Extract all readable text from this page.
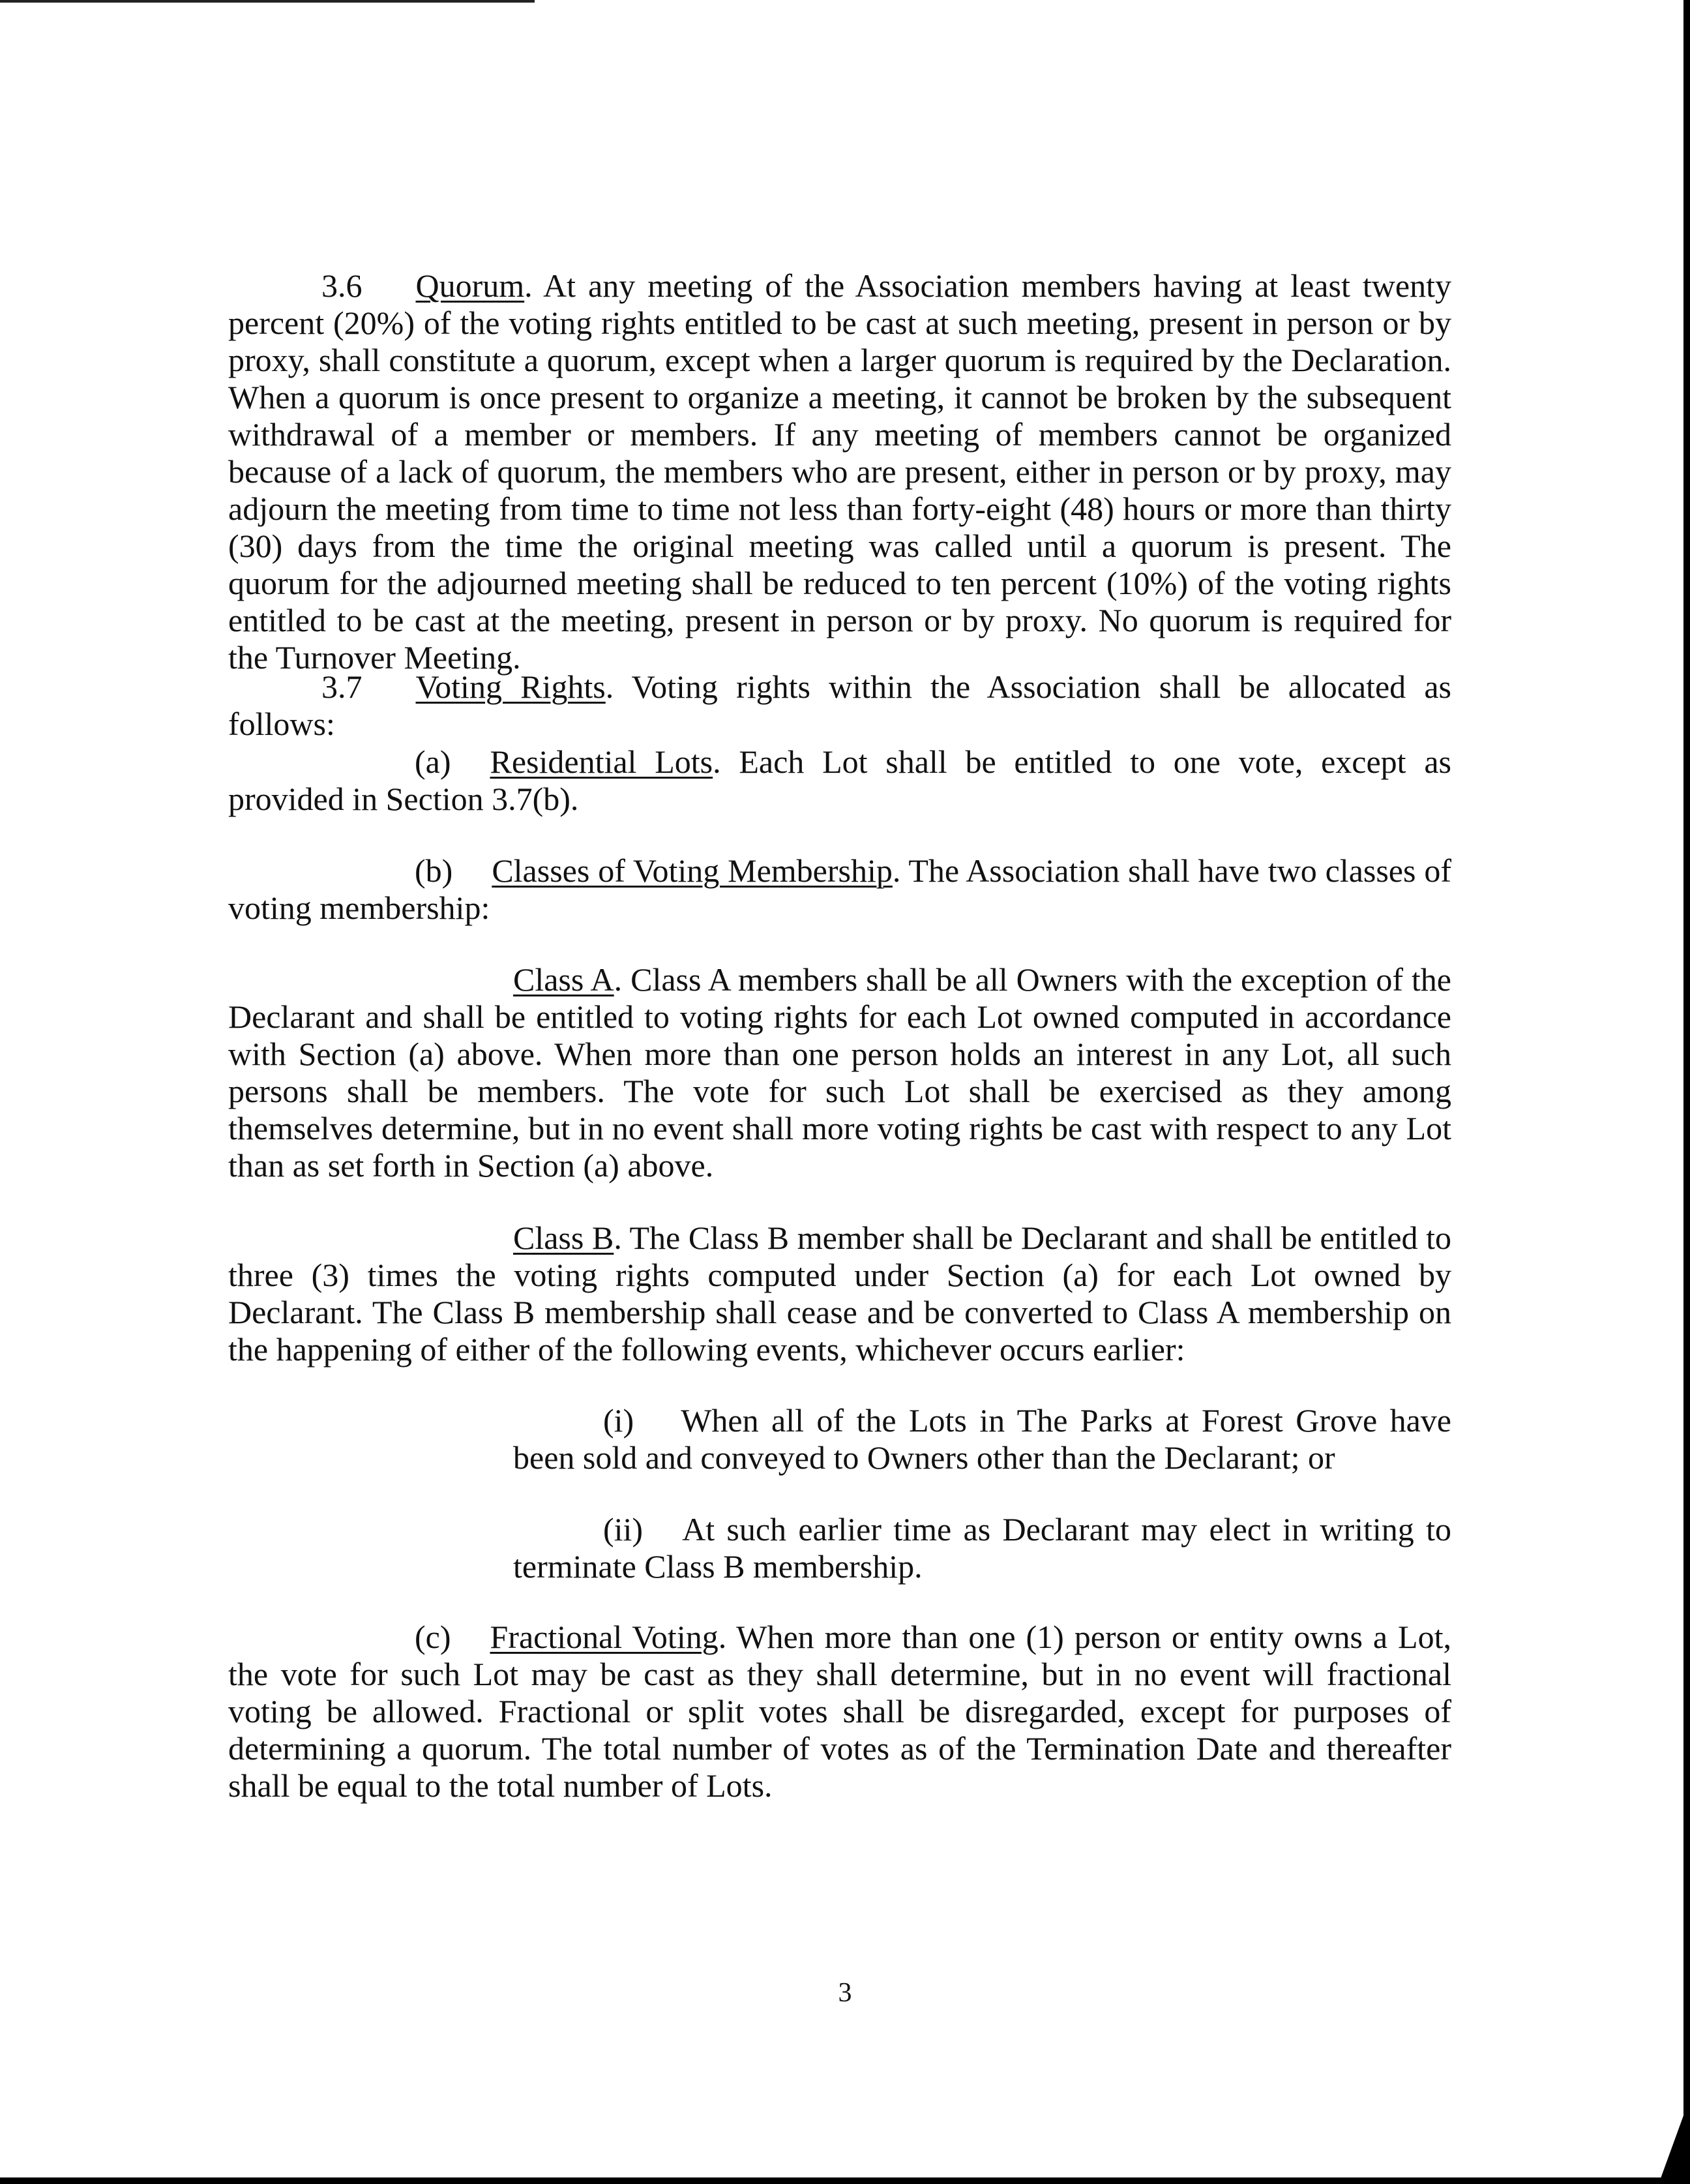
3.6 Quorum. At any meeting of the Association members having at least twenty percent (20%) of the voting rights entitled to be cast at such meeting, present in person or by proxy, shall constitute a quorum, except when a larger quorum is required by the Declaration. When a quorum is once present to organize a meeting, it cannot be broken by the subsequent withdrawal of a member or members. If any meeting of members cannot be organized because of a lack of quorum, the members who are present, either in person or by proxy, may adjourn the meeting from time to time not less than forty-eight (48) hours or more than thirty (30) days from the time the original meeting was called until a quorum is present. The quorum for the adjourned meeting shall be reduced to ten percent (10%) of the voting rights entitled to be cast at the meeting, present in person or by proxy. No quorum is required for the Turnover Meeting.

3.7 Voting Rights. Voting rights within the Association shall be allocated as follows:

(a) Residential Lots. Each Lot shall be entitled to one vote, except as provided in Section 3.7(b).

(b) Classes of Voting Membership. The Association shall have two classes of voting membership:

Class A. Class A members shall be all Owners with the exception of the Declarant and shall be entitled to voting rights for each Lot owned computed in accordance with Section (a) above. When more than one person holds an interest in any Lot, all such persons shall be members. The vote for such Lot shall be exercised as they among themselves determine, but in no event shall more voting rights be cast with respect to any Lot than as set forth in Section (a) above.

Class B. The Class B member shall be Declarant and shall be entitled to three (3) times the voting rights computed under Section (a) for each Lot owned by Declarant. The Class B membership shall cease and be converted to Class A membership on the happening of either of the following events, whichever occurs earlier:

(i) When all of the Lots in The Parks at Forest Grove have been sold and conveyed to Owners other than the Declarant; or

(ii) At such earlier time as Declarant may elect in writing to terminate Class B membership.

(c) Fractional Voting. When more than one (1) person or entity owns a Lot, the vote for such Lot may be cast as they shall determine, but in no event will fractional voting be allowed. Fractional or split votes shall be disregarded, except for purposes of determining a quorum. The total number of votes as of the Termination Date and thereafter shall be equal to the total number of Lots.

3
